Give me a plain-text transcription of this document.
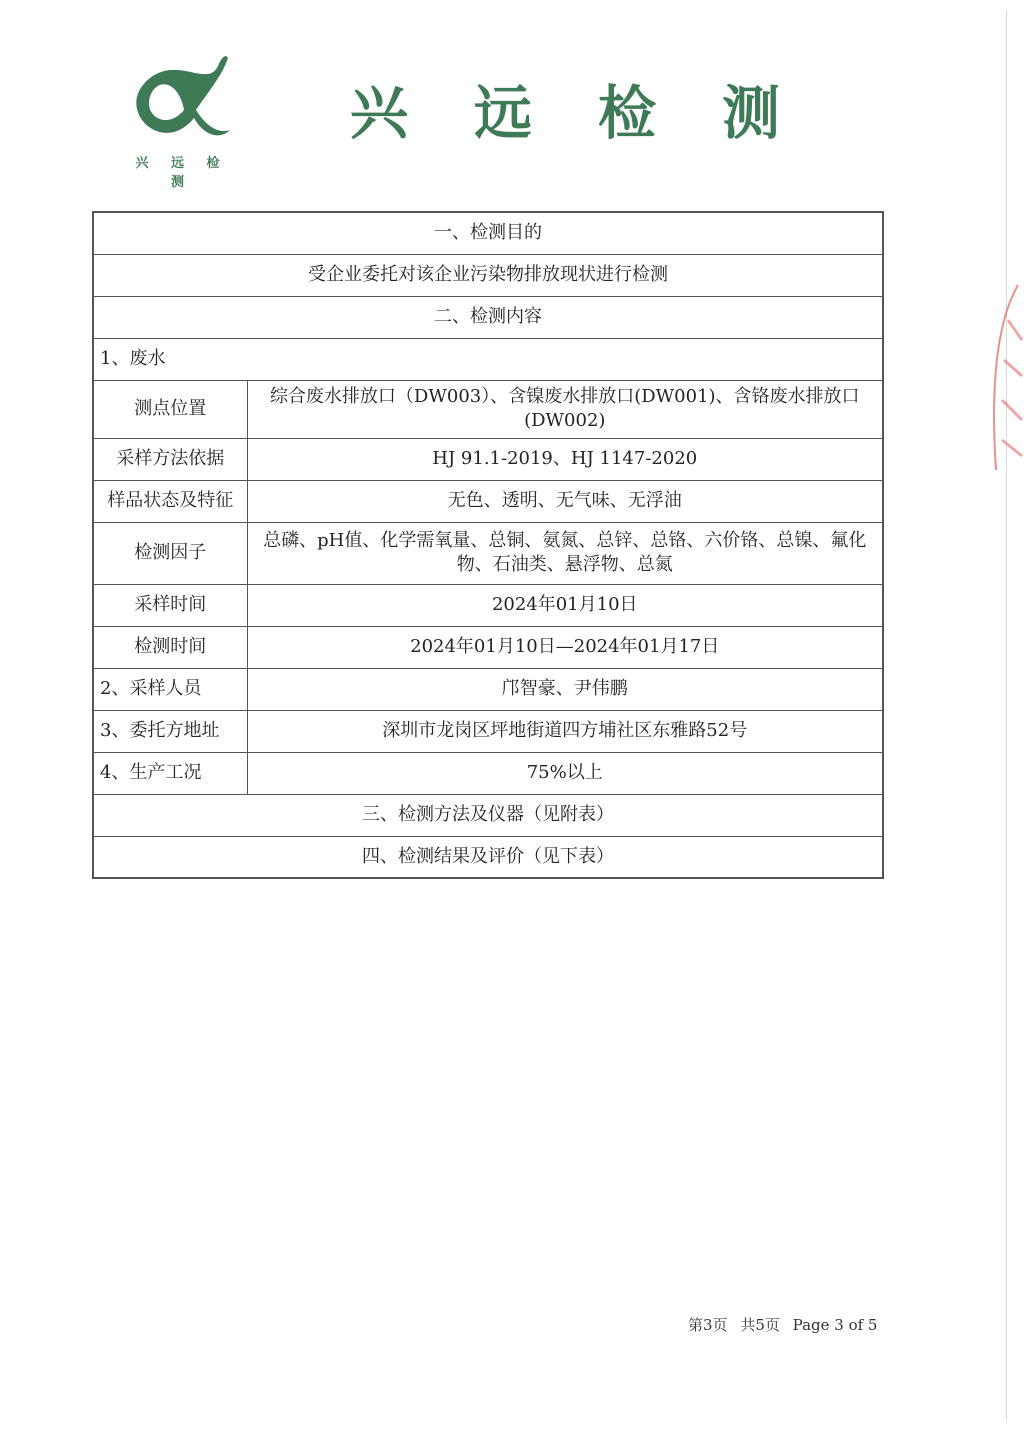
兴 远 检 测
兴 远 检 测
一、检测目的	
受企业委托对该企业污染物排放现状进行检测	
二、检测内容	
1、废水	
测点位置	综合废水排放口（DW003）、含镍废水排放口(DW001)、含铬废水排放口(DW002)
采样方法依据	HJ 91.1-2019、HJ 1147-2020
样品状态及特征	无色、透明、无气味、无浮油
检测因子	总磷、pH值、化学需氧量、总铜、氨氮、总锌、总铬、六价铬、总镍、氟化物、石油类、悬浮物、总氮
采样时间	2024年01月10日
检测时间	2024年01月10日—2024年01月17日
2、采样人员	邝智豪、尹伟鹏
3、委托方地址	深圳市龙岗区坪地街道四方埔社区东雅路52号
4、生产工况	75%以上
三、检测方法及仪器（见附表）	
四、检测结果及评价（见下表）	
第3页 共5页 Page 3 of 5
